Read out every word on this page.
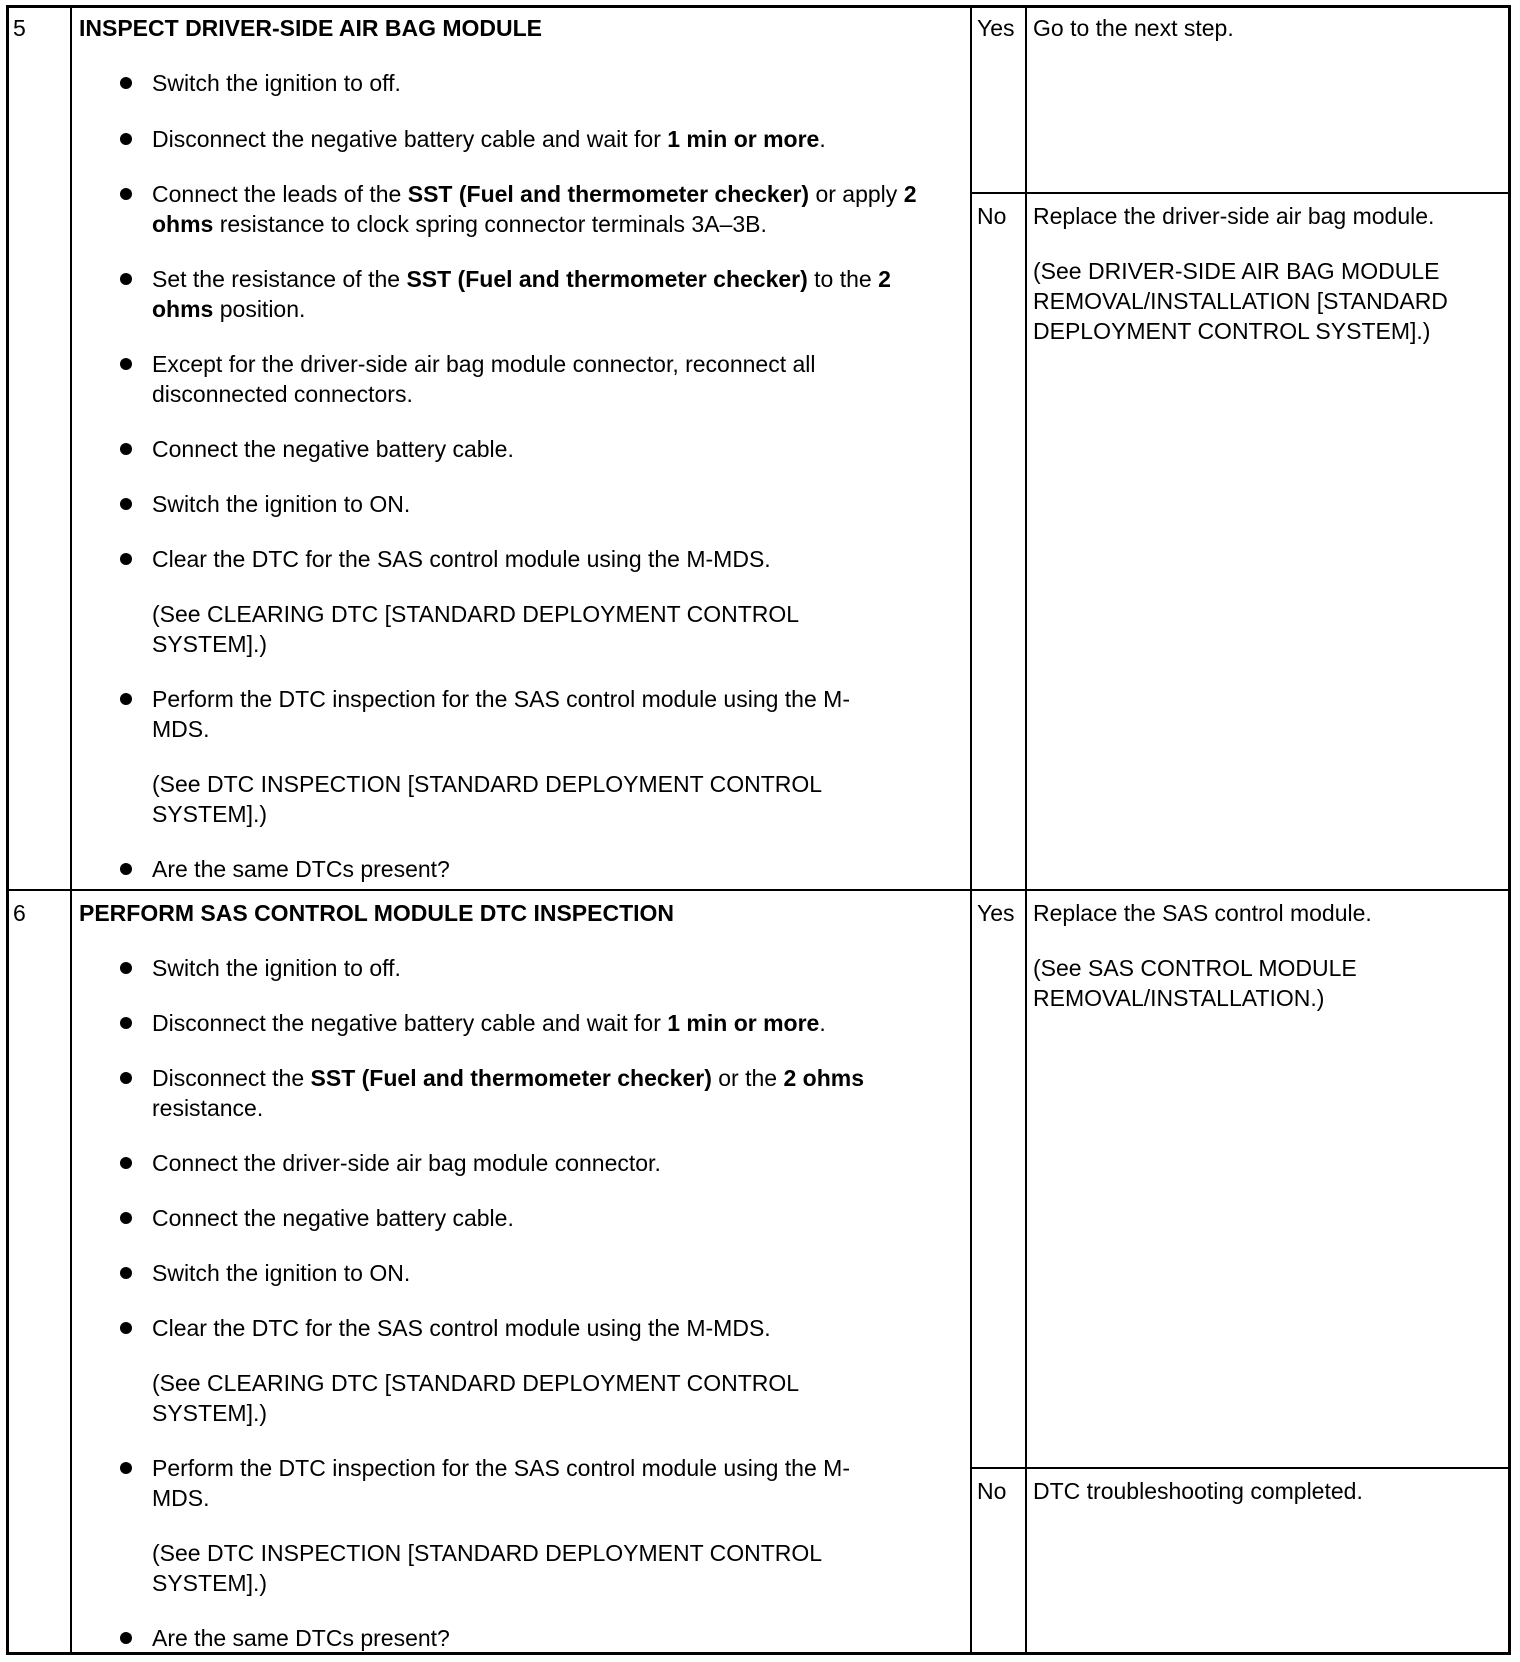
5 INSPECT DRIVER-SIDE AIR BAG MODULE
Switch the ignition to off.
Disconnect the negative battery cable and wait for 1 min or more.
Connect the leads of the SST (Fuel and thermometer checker) or apply 2 ohms resistance to clock spring connector terminals 3A–3B.
Set the resistance of the SST (Fuel and thermometer checker) to the 2 ohms position.
Except for the driver-side air bag module connector, reconnect all disconnected connectors.
Connect the negative battery cable.
Switch the ignition to ON.
Clear the DTC for the SAS control module using the M-MDS.
(See CLEARING DTC [STANDARD DEPLOYMENT CONTROL SYSTEM].)
Perform the DTC inspection for the SAS control module using the M-MDS.
(See DTC INSPECTION [STANDARD DEPLOYMENT CONTROL SYSTEM].)
Are the same DTCs present?
Yes Go to the next step.
No Replace the driver-side air bag module.
(See DRIVER-SIDE AIR BAG MODULE REMOVAL/INSTALLATION [STANDARD DEPLOYMENT CONTROL SYSTEM].)
6 PERFORM SAS CONTROL MODULE DTC INSPECTION
Switch the ignition to off.
Disconnect the negative battery cable and wait for 1 min or more.
Disconnect the SST (Fuel and thermometer checker) or the 2 ohms resistance.
Connect the driver-side air bag module connector.
Connect the negative battery cable.
Switch the ignition to ON.
Clear the DTC for the SAS control module using the M-MDS.
(See CLEARING DTC [STANDARD DEPLOYMENT CONTROL SYSTEM].)
Perform the DTC inspection for the SAS control module using the M-MDS.
(See DTC INSPECTION [STANDARD DEPLOYMENT CONTROL SYSTEM].)
Are the same DTCs present?
Yes Replace the SAS control module.
(See SAS CONTROL MODULE REMOVAL/INSTALLATION.)
No DTC troubleshooting completed.
